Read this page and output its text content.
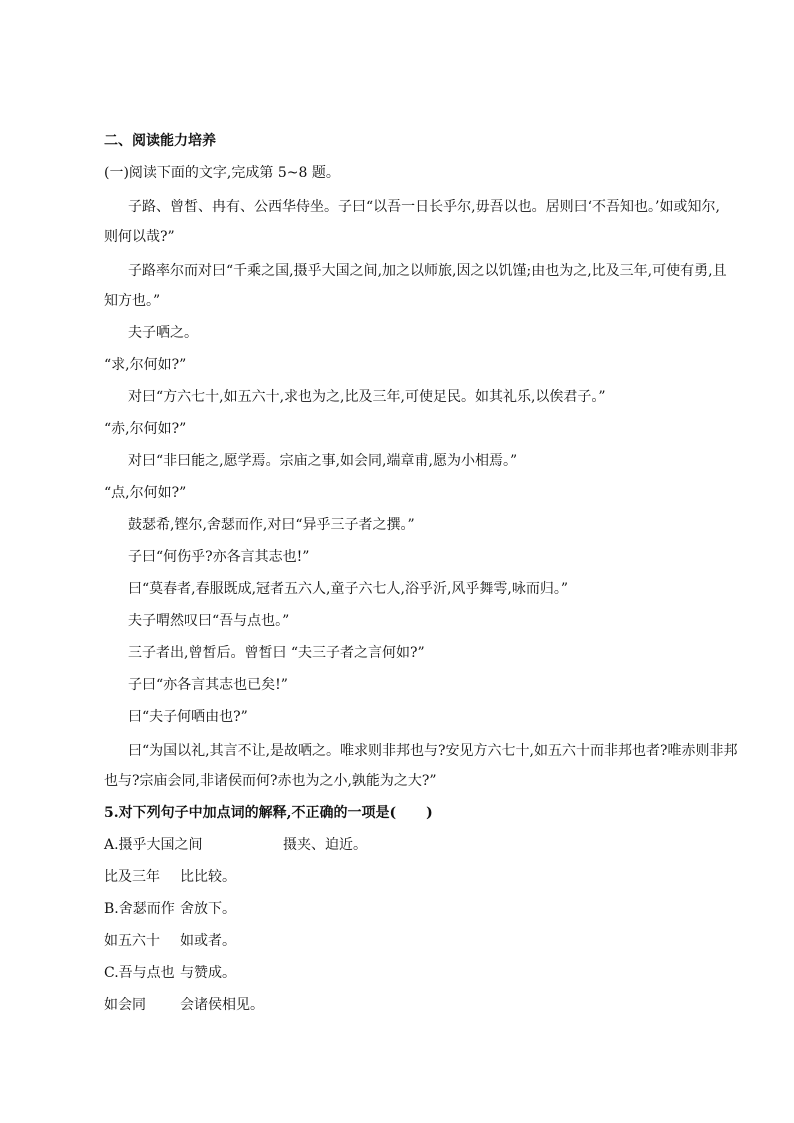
二、阅读能力培养
(一)阅读下面的文字,完成第 5~8 题。
子路、曾皙、冉有、公西华侍坐。子曰“以吾一日长乎尔,毋吾以也。居则曰‘不吾知也。’如或知尔,
则何以哉?”
子路率尔而对曰“千乘之国,摄乎大国之间,加之以师旅,因之以饥馑;由也为之,比及三年,可使有勇,且
知方也。”
夫子哂之。
“求,尔何如?”
对曰“方六七十,如五六十,求也为之,比及三年,可使足民。如其礼乐,以俟君子。”
“赤,尔何如?”
对曰“非曰能之,愿学焉。宗庙之事,如会同,端章甫,愿为小相焉。”
“点,尔何如?”
鼓瑟希,铿尔,舍瑟而作,对曰“异乎三子者之撰。”
子曰“何伤乎?亦各言其志也!”
曰“莫春者,春服既成,冠者五六人,童子六七人,浴乎沂,风乎舞雩,咏而归。”
夫子喟然叹曰“吾与点也。”
三子者出,曾皙后。曾皙曰 “夫三子者之言何如?”
子曰“亦各言其志也已矣!”
曰“夫子何哂由也?”
曰“为国以礼,其言不让,是故哂之。唯求则非邦也与?安见方六七十,如五六十而非邦也者?唯赤则非邦
也与?宗庙会同,非诸侯而何?赤也为之小,孰能为之大?”
5.对下列句子中加点词的解释,不正确的一项是( )
A.摄乎大国之间	摄夹、迫近。
比及三年 比比较。
B.舍瑟而作 舍放下。
如五六十 如或者。
C.吾与点也 与赞成。
如会同 会诸侯相见。
